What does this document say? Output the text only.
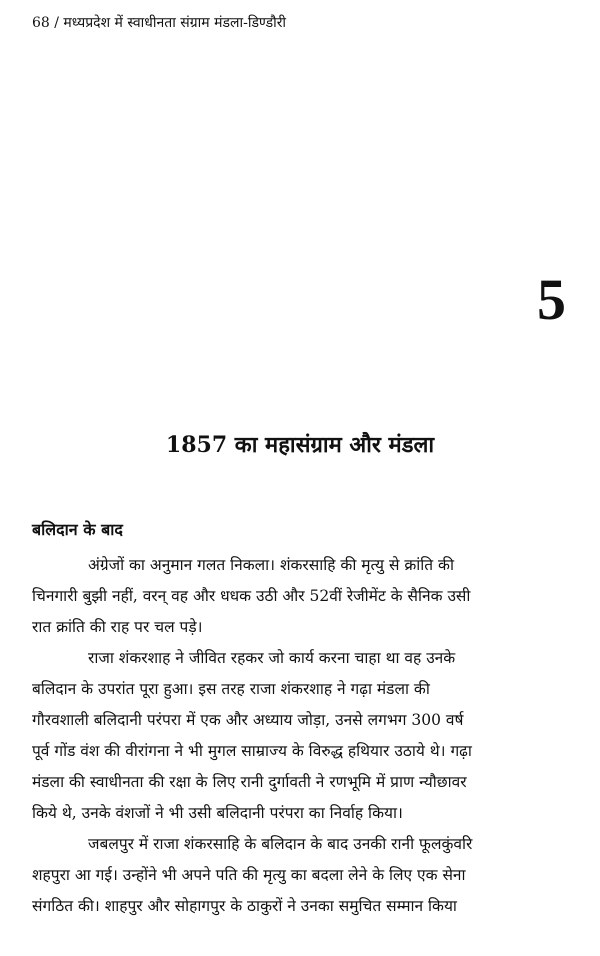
68 / मध्यप्रदेश में स्वाधीनता संग्राम मंडला-डिण्डौरी
5
1857 का महासंग्राम और मंडला
बलिदान के बाद
अंग्रेजों का अनुमान गलत निकला। शंकरसाहि की मृत्यु से क्रांति की
चिनगारी बुझी नहीं, वरन् वह और धधक उठी और 52वीं रेजीमेंट के सैनिक उसी
रात क्रांति की राह पर चल पड़े।
राजा शंकरशाह ने जीवित रहकर जो कार्य करना चाहा था वह उनके
बलिदान के उपरांत पूरा हुआ। इस तरह राजा शंकरशाह ने गढ़ा मंडला की
गौरवशाली बलिदानी परंपरा में एक और अध्याय जोड़ा, उनसे लगभग 300 वर्ष
पूर्व गोंड वंश की वीरांगना ने भी मुगल साम्राज्य के विरुद्ध हथियार उठाये थे। गढ़ा
मंडला की स्वाधीनता की रक्षा के लिए रानी दुर्गावती ने रणभूमि में प्राण न्यौछावर
किये थे, उनके वंशजों ने भी उसी बलिदानी परंपरा का निर्वाह किया।
जबलपुर में राजा शंकरसाहि के बलिदान के बाद उनकी रानी फूलकुंवरि
शहपुरा आ गई। उन्होंने भी अपने पति की मृत्यु का बदला लेने के लिए एक सेना
संगठित की। शाहपुर और सोहागपुर के ठाकुरों ने उनका समुचित सम्मान किया
